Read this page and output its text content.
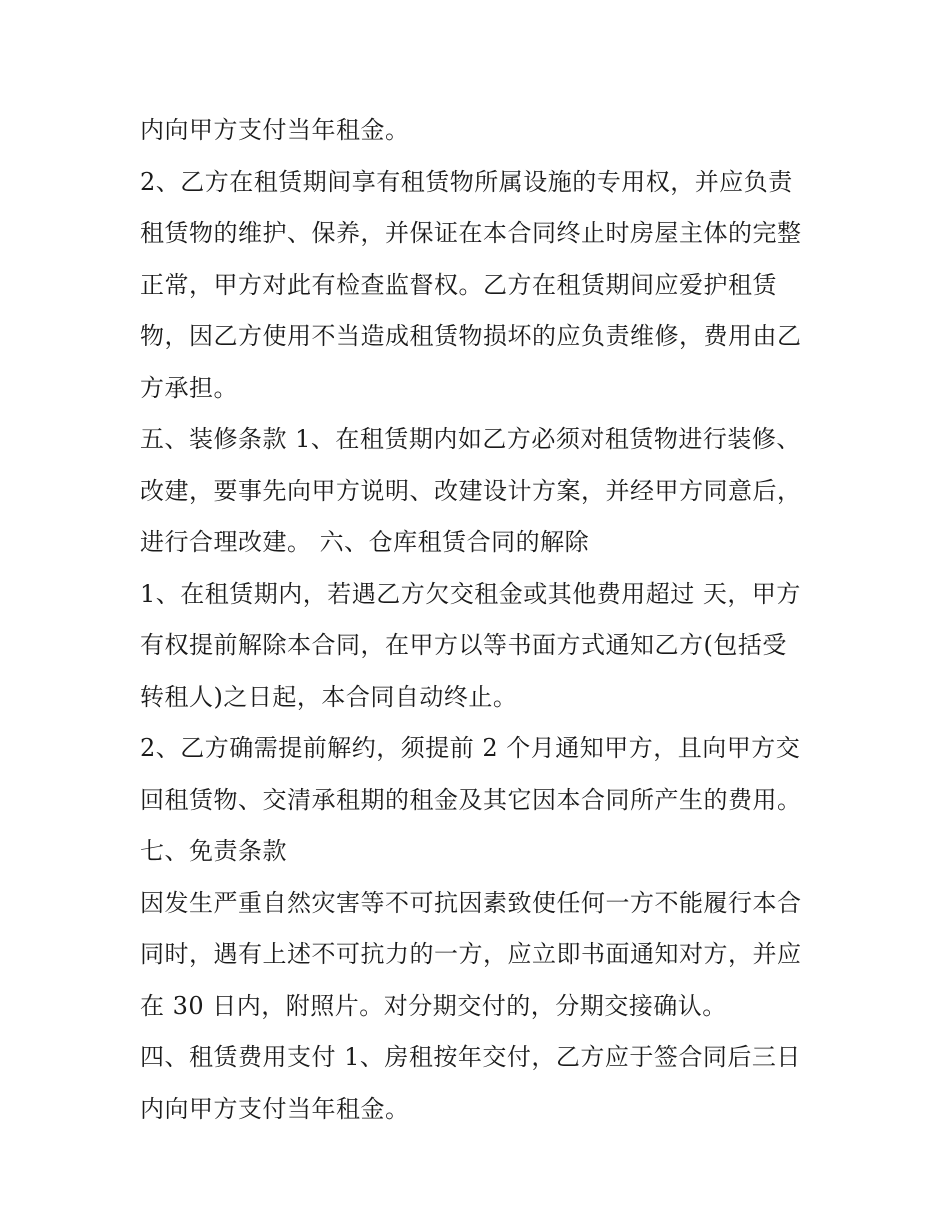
内向甲方支付当年租金。
2、乙方在租赁期间享有租赁物所属设施的专用权，并应负责
租赁物的维护、保养，并保证在本合同终止时房屋主体的完整
正常，甲方对此有检查监督权。乙方在租赁期间应爱护租赁
物，因乙方使用不当造成租赁物损坏的应负责维修，费用由乙
方承担。
五、装修条款 1、在租赁期内如乙方必须对租赁物进行装修、
改建，要事先向甲方说明、改建设计方案，并经甲方同意后，
进行合理改建。 六、仓库租赁合同的解除
1、在租赁期内，若遇乙方欠交租金或其他费用超过 天，甲方
有权提前解除本合同，在甲方以等书面方式通知乙方(包括受
转租人)之日起，本合同自动终止。
2、乙方确需提前解约，须提前 2 个月通知甲方，且向甲方交
回租赁物、交清承租期的租金及其它因本合同所产生的费用。
七、免责条款
因发生严重自然灾害等不可抗因素致使任何一方不能履行本合
同时，遇有上述不可抗力的一方，应立即书面通知对方，并应
在 30 日内，附照片。对分期交付的，分期交接确认。
四、租赁费用支付 1、房租按年交付，乙方应于签合同后三日
内向甲方支付当年租金。
